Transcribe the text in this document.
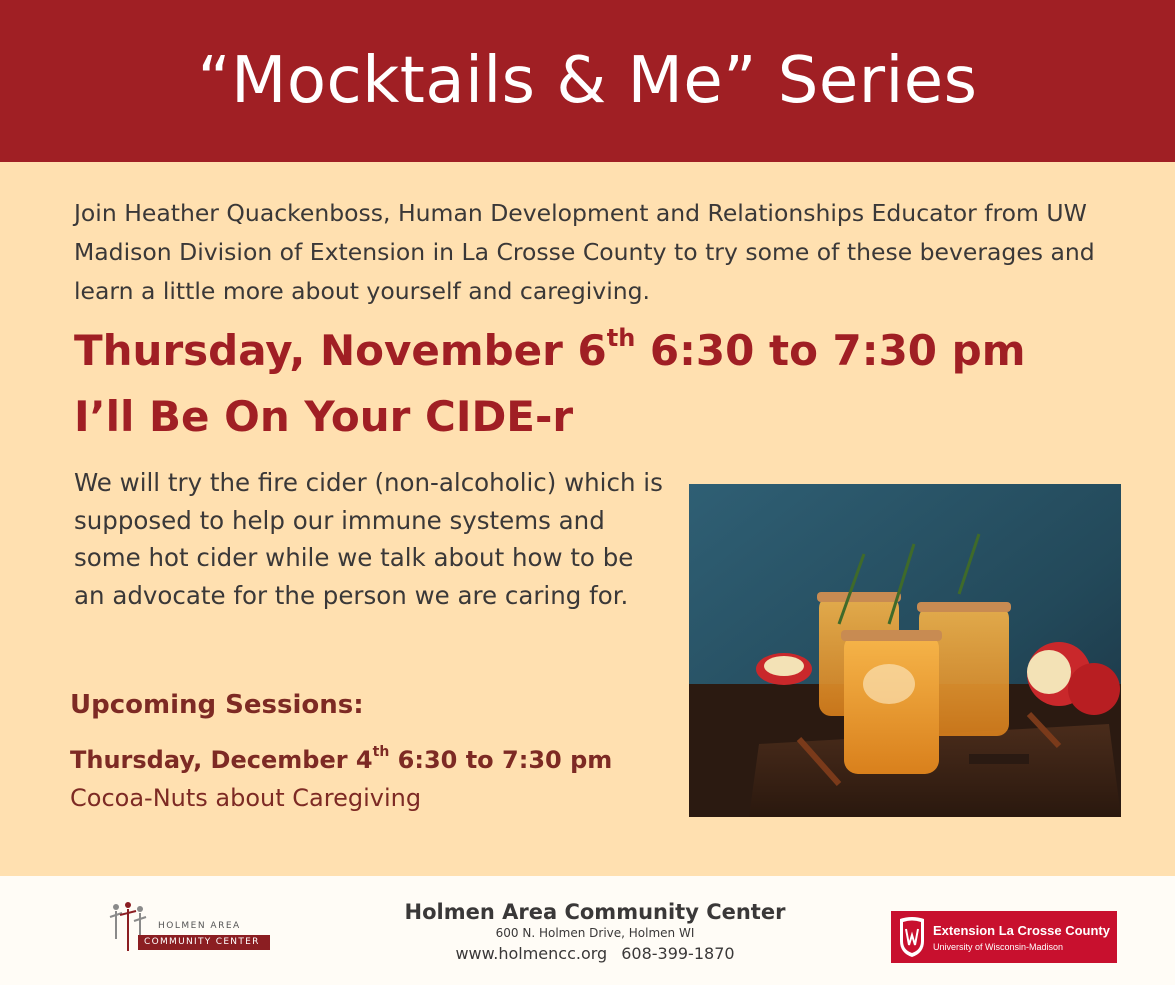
“Mocktails & Me” Series

Join Heather Quackenboss, Human Development and Relationships Educator from UW Madison Division of Extension in La Crosse County to try some of these beverages and learn a little more about yourself and caregiving.

Thursday, November 6th 6:30 to 7:30 pm

I’ll Be On Your CIDE-r

We will try the fire cider (non-alcoholic) which is supposed to help our immune systems and some hot cider while we talk about how to be an advocate for the person we are caring for.

Upcoming Sessions:

Thursday, December 4th 6:30 to 7:30 pm

Cocoa-Nuts about Caregiving

HOLMEN AREA
COMMUNITY CENTER

Holmen Area Community Center

600 N. Holmen Drive, Holmen WI

www.holmencc.org 608-399-1870

Extension La Crosse County
University of Wisconsin-Madison
